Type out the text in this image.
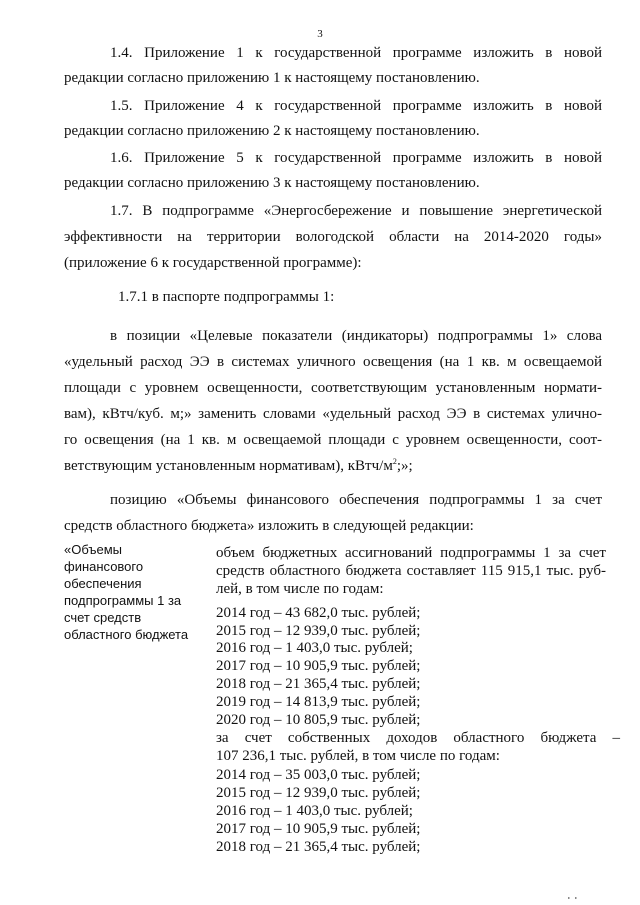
3
1.4. Приложение 1 к государственной программе изложить в новой
редакции согласно приложению 1 к настоящему постановлению.
1.5. Приложение 4 к государственной программе изложить в новой
редакции согласно приложению 2 к настоящему постановлению.
1.6. Приложение 5 к государственной программе изложить в новой
редакции согласно приложению 3 к настоящему постановлению.
1.7. В подпрограмме «Энергосбережение и повышение энергетической
эффективности на территории вологодской области на 2014-2020 годы»
(приложение 6 к государственной программе):
1.7.1 в паспорте подпрограммы 1:
в позиции «Целевые показатели (индикаторы) подпрограммы 1» слова
«удельный расход ЭЭ в системах уличного освещения (на 1 кв. м освещаемой
площади с уровнем освещенности, соответствующим установленным нормати-
вам), кВтч/куб. м;» заменить словами «удельный расход ЭЭ в системах улично-
го освещения (на 1 кв. м освещаемой площади с уровнем освещенности, соот-
ветствующим установленным нормативам), кВтч/$м^2$;»;
позицию «Объемы финансового обеспечения подпрограммы 1 за счет
средств областного бюджета» изложить в следующей редакции:
«Объемы
финансового
обеспечения
подпрограммы 1 за
счет средств
областного бюджета
объем бюджетных ассигнований подпрограммы 1 за счет
средств областного бюджета составляет 115 915,1 тыс. руб-
лей, в том числе по годам:
2014 год – 43 682,0 тыс. рублей;
2015 год – 12 939,0 тыс. рублей;
2016 год – 1 403,0 тыс. рублей;
2017 год – 10 905,9 тыс. рублей;
2018 год – 21 365,4 тыс. рублей;
2019 год – 14 813,9 тыс. рублей;
2020 год – 10 805,9 тыс. рублей;
за счет собственных доходов областного бюджета –
107 236,1 тыс. рублей, в том числе по годам:
2014 год – 35 003,0 тыс. рублей;
2015 год – 12 939,0 тыс. рублей;
2016 год – 1 403,0 тыс. рублей;
2017 год – 10 905,9 тыс. рублей;
2018 год – 21 365,4 тыс. рублей;
